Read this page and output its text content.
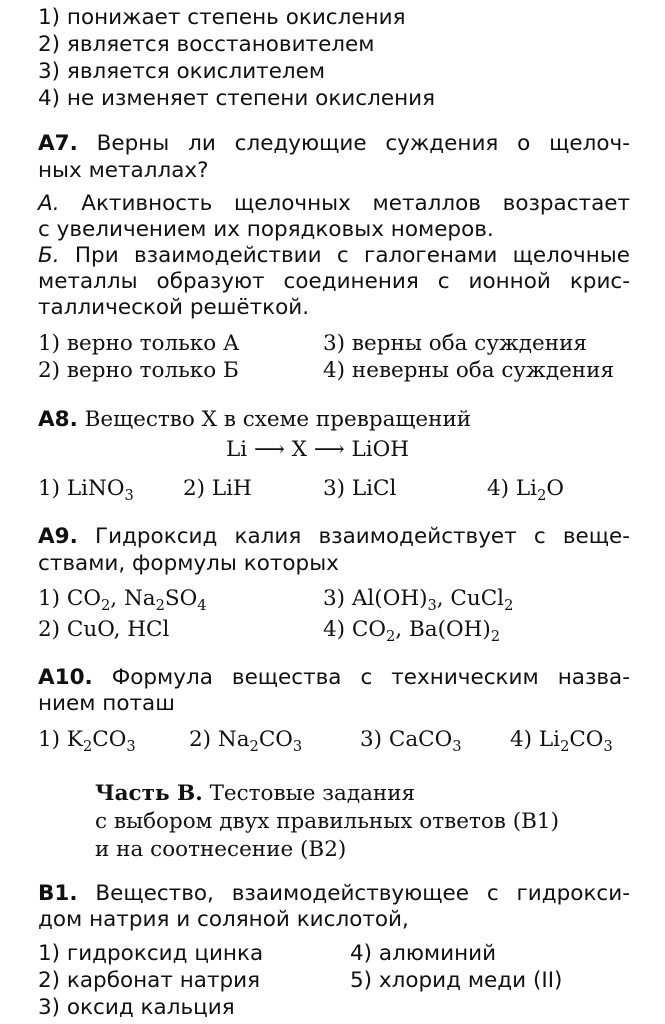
1) понижает степень окисления
2) является восстановителем
3) является окислителем
4) не изменяет степени окисления
А7. Верны ли следующие суждения о щелоч-
ных металлах?
А. Активность щелочных металлов возрастает
с увеличением их порядковых номеров.
Б. При взаимодействии с галогенами щелочные
металлы образуют соединения с ионной крис-
таллической решёткой.
1) верно только А	3) верны оба суждения
2) верно только Б	4) неверны оба суждения
А8. Вещество X в схеме превращений
Li ⟶ X ⟶ LiOH
1) LiNO$_3$ 2) LiH	3) LiCl	4) $Li_2O$
А9. Гидроксид калия взаимодействует с веще-
ствами, формулы которых
1) $CO_2$, $Na_2SO_4$	3) $Al(OH)_3$, CuCl$_2$
2) CuO, HCl	4) $CO_2$, $Ba(OH)_2$
А10. Формула вещества с техническим назва-
нием поташ
1) $K_2CO_3$ 2) $Na_2CO_3$	3) CaCO$_3$ 4) $Li_2CO_3$
Часть В. Тестовые задания
с выбором двух правильных ответов (В1)
и на соотнесение (В2)
В1. Вещество, взаимодействующее с гидрокси-
дом натрия и соляной кислотой,
1) гидроксид цинка	4) алюминий
2) карбонат натрия	5) хлорид меди (II)
3) оксид кальция
